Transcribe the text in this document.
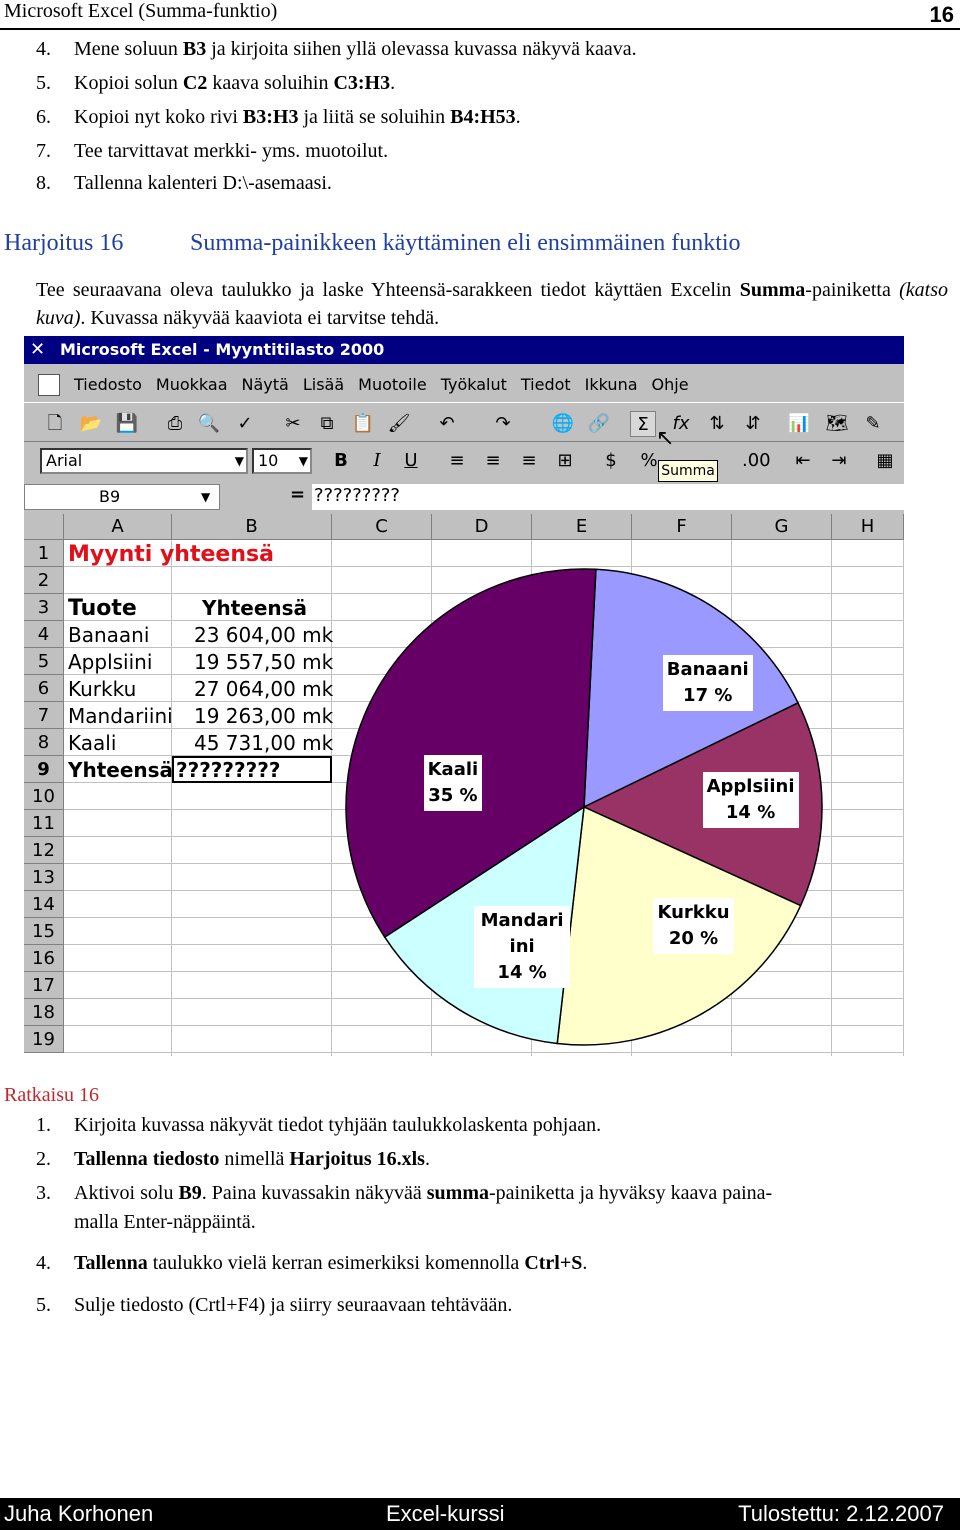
Microsoft Excel (Summa-funktio)	16
4. Mene soluun B3 ja kirjoita siihen yllä olevassa kuvassa näkyvä kaava.
5. Kopioi solun C2 kaava soluihin C3:H3.
6. Kopioi nyt koko rivi B3:H3 ja liitä se soluihin B4:H53.
7. Tee tarvittavat merkki- yms. muotoilut.
8. Tallenna kalenteri D:\-asemaasi.
Harjoitus 16	Summa-painikkeen käyttäminen eli ensimmäinen funktio
Tee seuraavana oleva taulukko ja laske Yhteensä-sarakkeen tiedot käyttäen Excelin Summa-painiketta (katso kuva). Kuvassa näkyvää kaaviota ei tarvitse tehdä.
✕ Microsoft Excel - Myyntitilasto 2000
Tiedosto Muokkaa Näytä Lisää Muotoile Työkalut Tiedot Ikkuna Ohje
🗋 📂 💾	⎙ 🔍 ✓	✂	⧉	📋 🖌	↶	↷	🌐 🔗	Σ	fx	⇅	⇵	📊 🗺 ✎
Arial	▼ 10 ▼	B	I	U	≡	≡	≡	⊞	$	%	.00	⇤	⇥	▦
Summa
↖
B9	▼	= ?????????
A	B	C	D	E	F	G	H
1
2
3
4
5
6
7
8
9
10
11
12
13
14
15
16
17
18
19
Myynti yhteensä
Tuote	Yhteensä
Banaani 23 604,00 mk
Applsiini 19 557,50 mk
Kurkku	27 064,00 mk
Mandariini 19 263,00 mk
Kaali	45 731,00 mk
Yhteensä ?????????
Banaani
17 %
Applsiini
14 %
Kurkku
20 %
Mandariini
14 %
Kaali
35 %
Ratkaisu 16
1. Kirjoita kuvassa näkyvät tiedot tyhjään taulukkolaskenta pohjaan.
2. Tallenna tiedosto nimellä Harjoitus 16.xls.
3. Aktivoi solu B9. Paina kuvassakin näkyvää summa-painiketta ja hyväksy kaava paina-
malla Enter-näppäintä.
4. Tallenna taulukko vielä kerran esimerkiksi komennolla Ctrl+S.
5. Sulje tiedosto (Crtl+F4) ja siirry seuraavaan tehtävään.
Juha Korhonen	Excel-kurssi	Tulostettu: 2.12.2007
